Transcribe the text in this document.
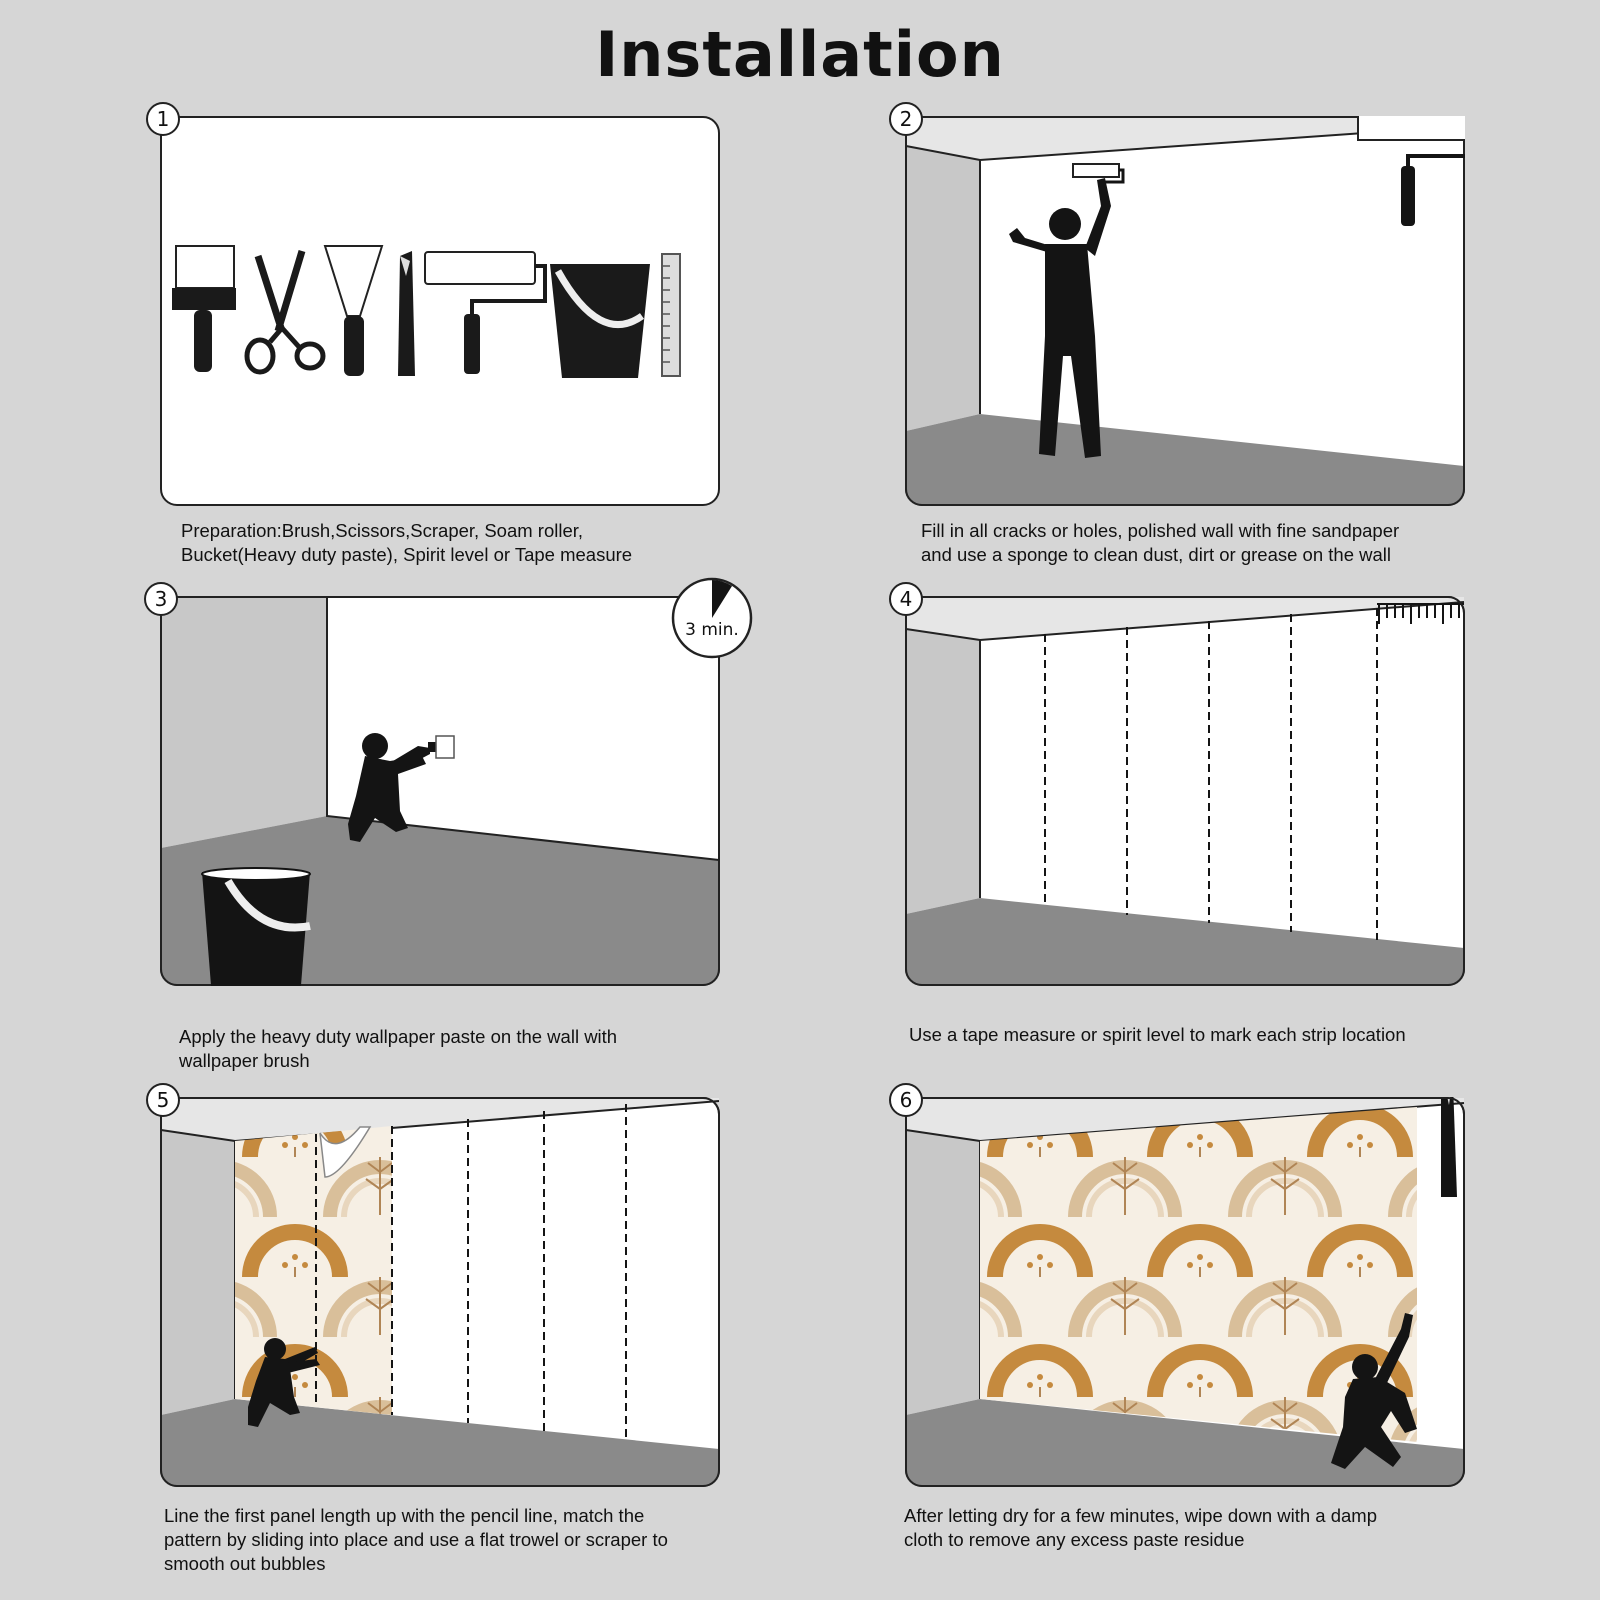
Installation
1
Preparation:Brush,Scissors,Scraper, Soam roller,
Bucket(Heavy duty paste), Spirit level or Tape measure
2
Fill in all cracks or holes, polished wall with fine sandpaper
and use a sponge to clean dust, dirt or grease on the wall
3
3 min.
Apply the heavy duty wallpaper paste on the wall with
wallpaper brush
4
Use a tape measure or spirit level to mark each strip location
5
Line the first panel length up with the pencil line, match the
pattern by sliding into place and use a flat trowel or scraper to
smooth out bubbles
6
After letting dry for a few minutes, wipe down with a damp
cloth to remove any excess paste residue
